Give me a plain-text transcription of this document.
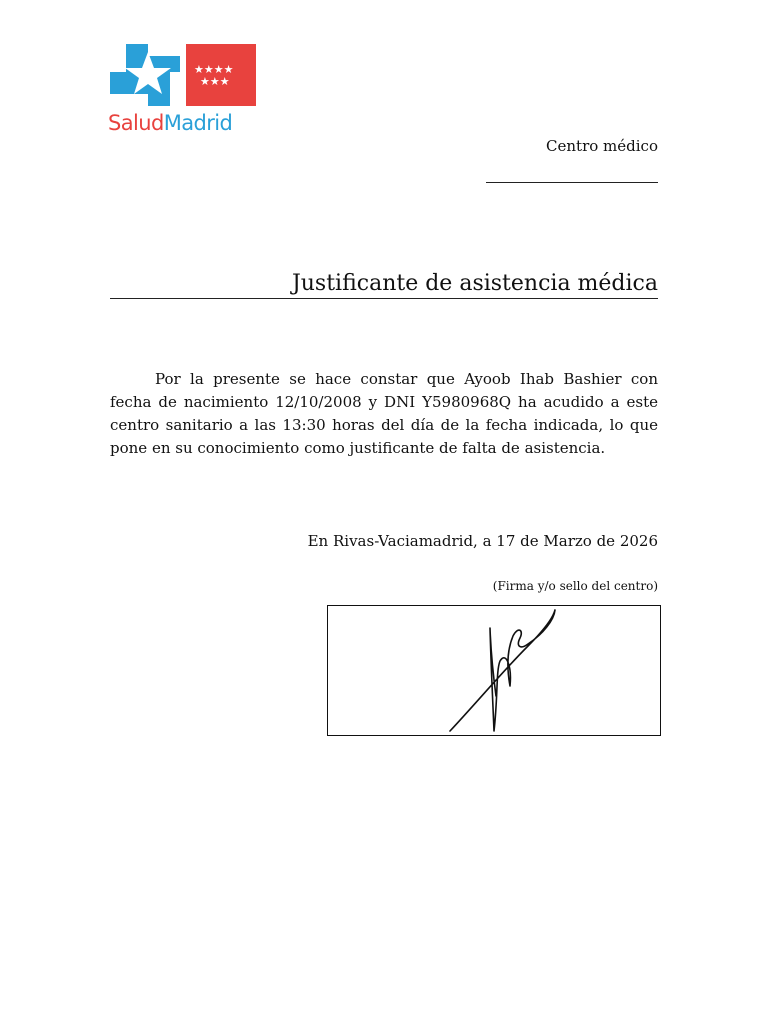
★★★★
★★★
SaludMadrid
Centro médico
Justificante de asistencia médica

Por la presente se hace constar que Ayoob Ihab Bashier con fecha de nacimiento 12/10/2008 y DNI Y5980968Q ha acudido a este centro sanitario a las 13:30 horas del día de la fecha indicada, lo que pone en su conocimiento como justificante de falta de asistencia.

En Rivas-Vaciamadrid, a 17 de Marzo de 2026
(Firma y/o sello del centro)
